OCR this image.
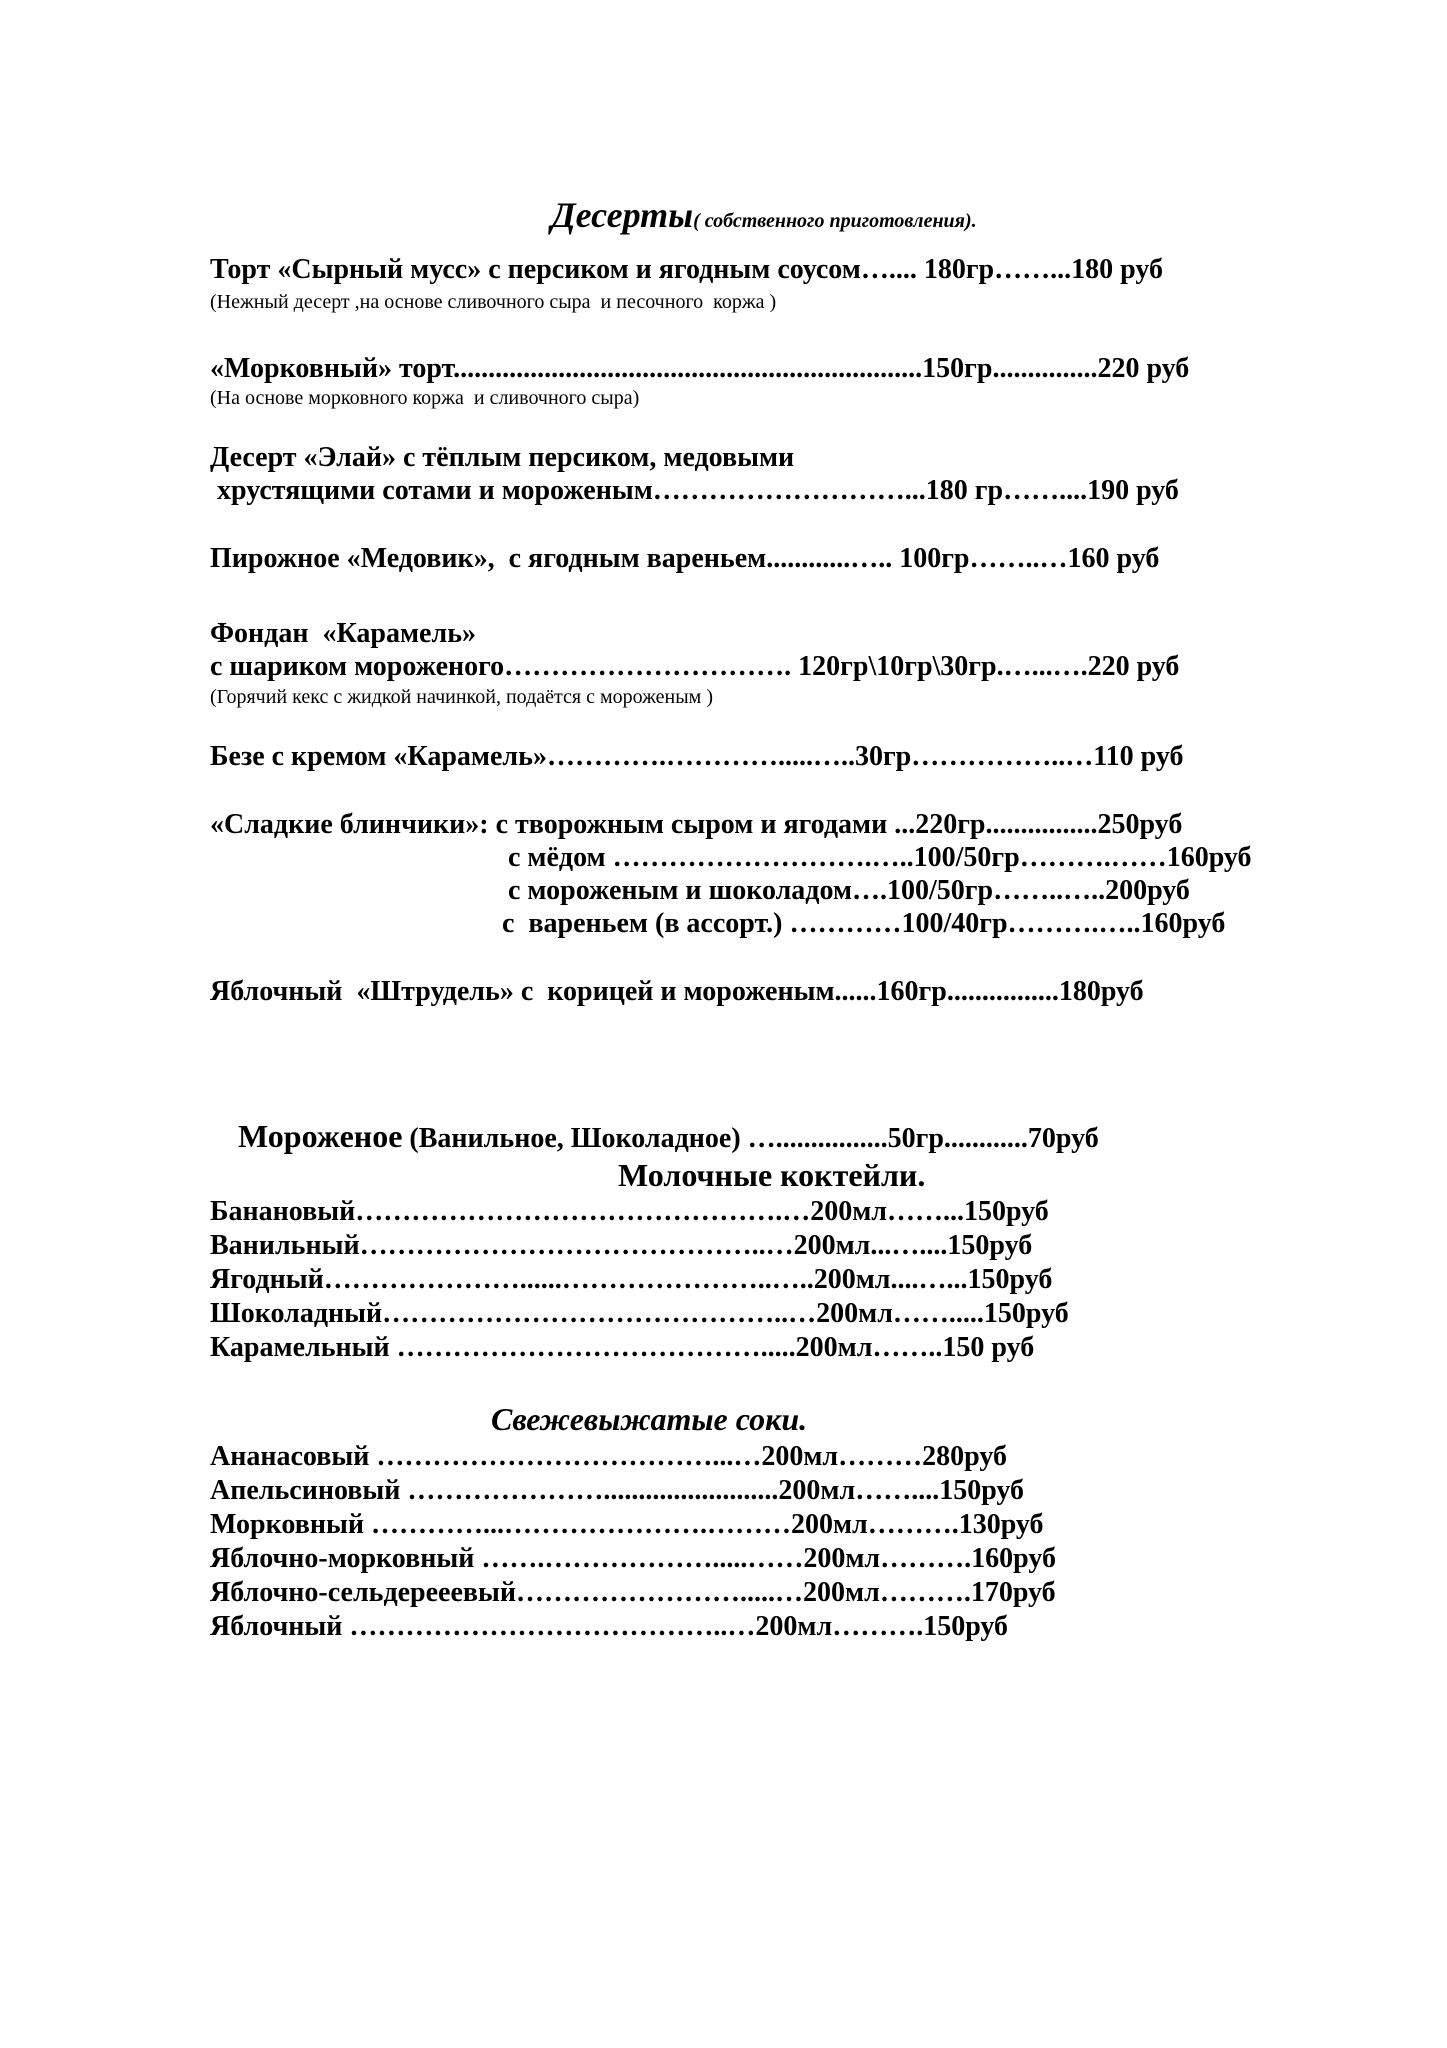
Десерты( собственного приготовления).

Торт «Сырный мусс» с персиком и ягодным соусом….... 180гр……...180 руб
(Нежный десерт ,на основе сливочного сыра  и песочного  коржа )
«Морковный» торт...................................................................150гр...............220 руб
(На основе морковного коржа  и сливочного сыра)
Десерт «Элай» с тёплым персиком, медовыми
хрустящими сотами и мороженым………………………...180 гр……....190 руб
Пирожное «Медовик»,  с ягодным вареньем............….. 100гр……..…160 руб
Фондан  «Карамель»
с шариком мороженого…………………………. 120гр\10гр\30гр.…...….220 руб
(Горячий кекс с жидкой начинкой, подаётся с мороженым )
Безе с кремом «Карамель»………….………….....…..30гр……………..…110 руб
«Сладкие блинчики»: с творожным сыром и ягодами ...220гр................250руб
с мёдом ……………………….…..100/50гр……….……160руб
с мороженым и шоколадом….100/50гр……..…..200руб
с  вареньем (в ассорт.) …………100/40гр……….…..160руб
Яблочный  «Штрудель» с  корицей и мороженым......160гр................180руб

Мороженое (Ванильное, Шоколадное) …................50гр............70руб

Молочные коктейли.
Банановый……………………………………….…200мл……...150руб
Ванильный……………………………………..…200мл...…....150руб
Ягодный…………………......…………………..…..200мл....…...150руб
Шоколадный……………………………………..…200мл…….....150руб
Карамельный ………………………………….....200мл……..150 руб
Свежевыжатые соки.
Ананасовый ………………………………...…200мл………280руб
Апельсиновый ………………….........................200мл……....150руб
Морковный …………...………………….………200мл……….130руб
Яблочно-морковный …….……………….....……200мл……….160руб
Яблочно-сельдерееевый…………………….....…200мл……….170руб
Яблочный …………………………………..…200мл……….150руб
